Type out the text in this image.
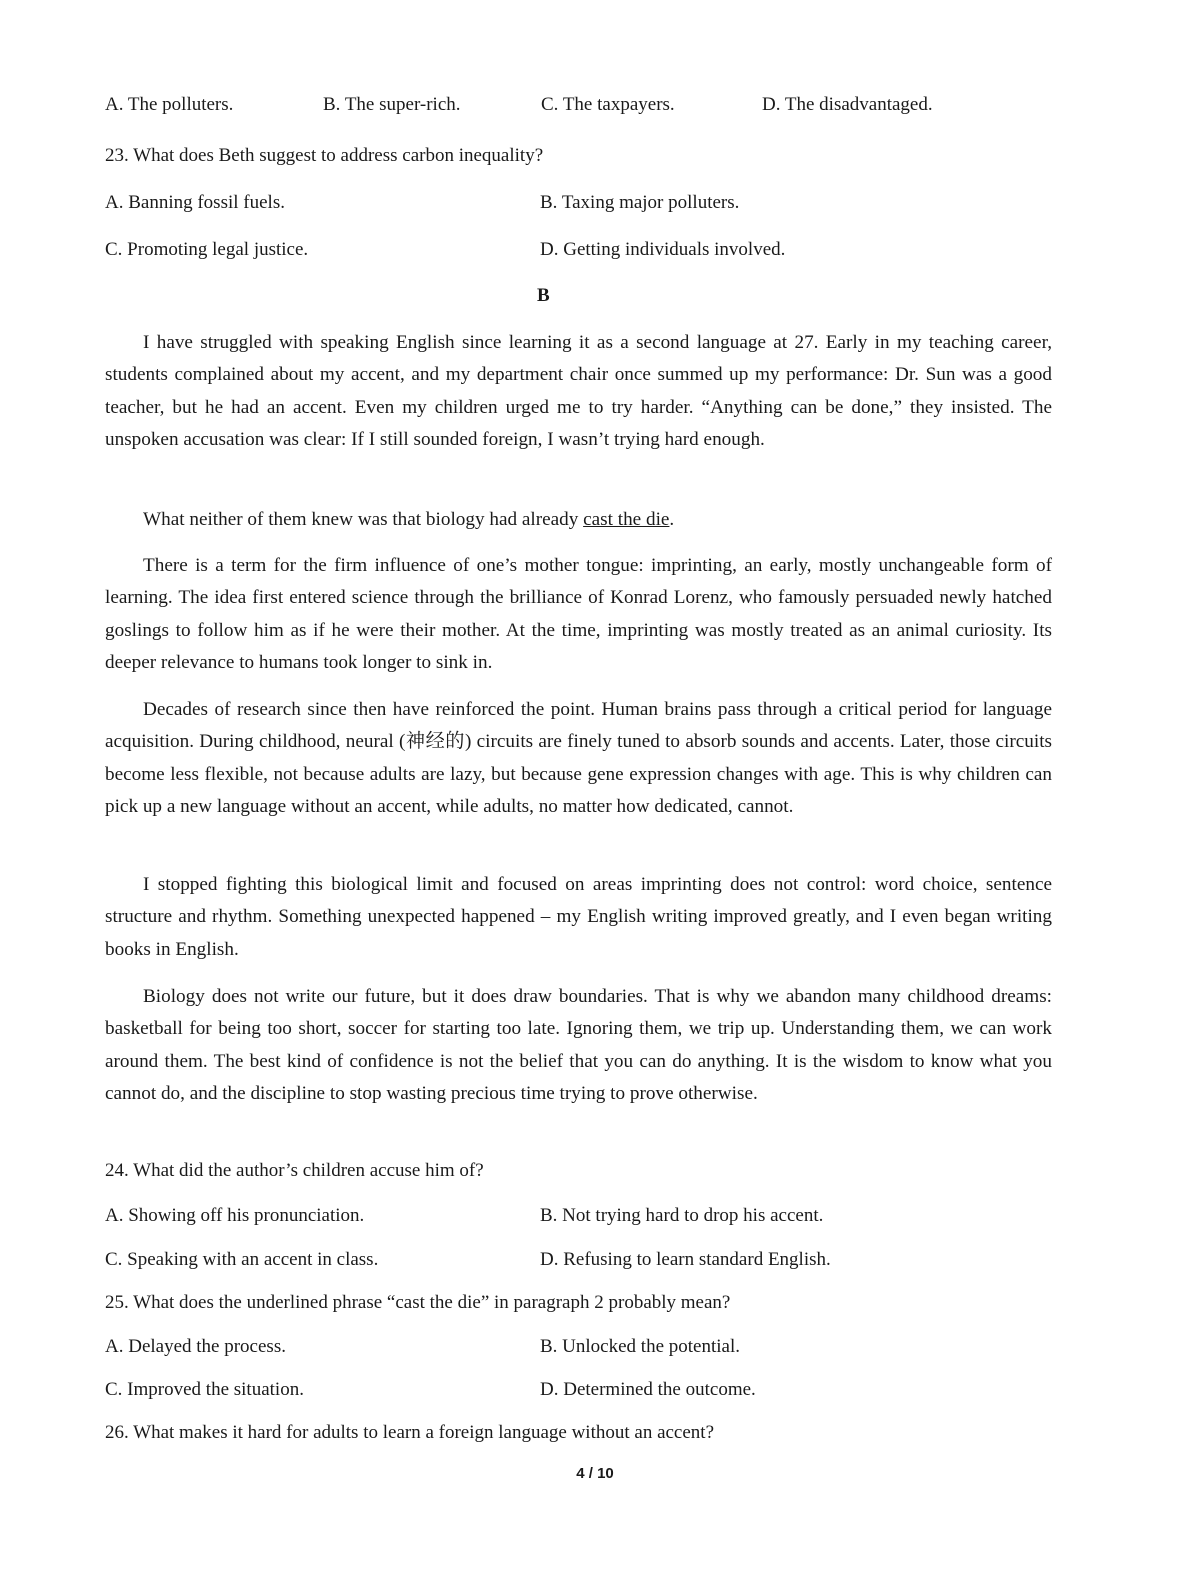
A. The polluters.	B. The super-rich.	C. The taxpayers.	D. The disadvantaged.
23. What does Beth suggest to address carbon inequality?
A. Banning fossil fuels.	B. Taxing major polluters.
C. Promoting legal justice.	D. Getting individuals involved.
B

I have struggled with speaking English since learning it as a second language at 27. Early in my teaching career, students complained about my accent, and my department chair once summed up my performance: Dr. Sun was a good teacher, but he had an accent. Even my children urged me to try harder. “Anything can be done,” they insisted. The unspoken accusation was clear: If I still sounded foreign, I wasn’t trying hard enough.

What neither of them knew was that biology had already cast the die.

There is a term for the firm influence of one’s mother tongue: imprinting, an early, mostly unchangeable form of learning. The idea first entered science through the brilliance of Konrad Lorenz, who famously persuaded newly hatched goslings to follow him as if he were their mother. At the time, imprinting was mostly treated as an animal curiosity. Its deeper relevance to humans took longer to sink in.

Decades of research since then have reinforced the point. Human brains pass through a critical period for language acquisition. During childhood, neural (神经的) circuits are finely tuned to absorb sounds and accents. Later, those circuits become less flexible, not because adults are lazy, but because gene expression changes with age. This is why children can pick up a new language without an accent, while adults, no matter how dedicated, cannot.

I stopped fighting this biological limit and focused on areas imprinting does not control: word choice, sentence structure and rhythm. Something unexpected happened – my English writing improved greatly, and I even began writing books in English.

Biology does not write our future, but it does draw boundaries. That is why we abandon many childhood dreams: basketball for being too short, soccer for starting too late. Ignoring them, we trip up. Understanding them, we can work around them. The best kind of confidence is not the belief that you can do anything. It is the wisdom to know what you cannot do, and the discipline to stop wasting precious time trying to prove otherwise.

24. What did the author’s children accuse him of?
A. Showing off his pronunciation.	B. Not trying hard to drop his accent.
C. Speaking with an accent in class.	D. Refusing to learn standard English.
25. What does the underlined phrase “cast the die” in paragraph 2 probably mean?
A. Delayed the process.	B. Unlocked the potential.
C. Improved the situation.	D. Determined the outcome.
26. What makes it hard for adults to learn a foreign language without an accent?
4 / 10
